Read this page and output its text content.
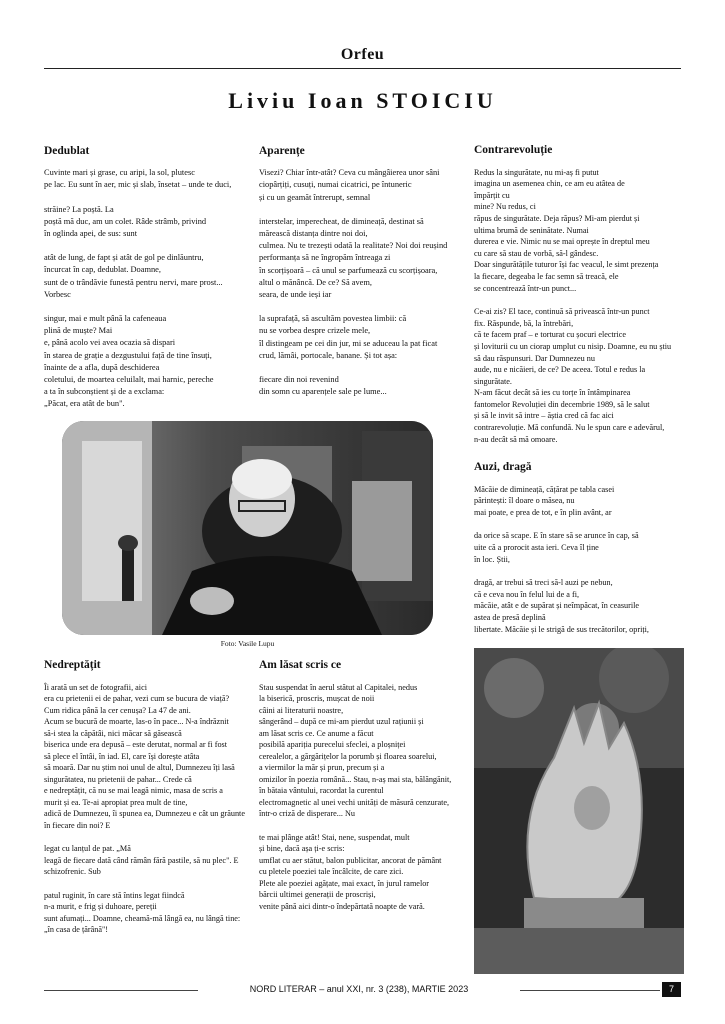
Orfeu
Liviu Ioan STOICIU
Dedublat

Cuvinte mari și grase, cu aripi, la sol, plutesc

pe lac. Eu sunt în aer, mic și slab, însetat – unde te duci,

străine? La poștă. La

poștă mă duc, am un colet. Râde strâmb, privind

în oglinda apei, de sus: sunt

atât de lung, de fapt și atât de gol pe dinlăuntru,

încurcat în cap, dedublat. Doamne,

sunt de o trândăvie funestă pentru nervi, mare prost...

Vorbesc

singur, mai e mult până la cafeneaua

plină de muște? Mai

e, până acolo vei avea ocazia să dispari

în starea de grație a dezgustului față de tine însuți,

înainte de a afla, după deschiderea

coletului, de moartea celuilalt, mai harnic, pereche

a ta în subconștient și de a exclama:

„Păcat, era atât de bun".

Aparențe

Visezi? Chiar într-atât? Ceva cu mângâierea unor sâni

ciopârțiți, cusuți, numai cicatrici, pe întuneric

și cu un geamăt întrerupt, semnal

interstelar, imperecheat, de dimineață, destinat să

mărească distanța dintre noi doi,

culmea. Nu te trezești odată la realitate? Noi doi reușind

performanța să ne îngropăm întreaga zi

în scorțișoară – că unul se parfumează cu scorțișoara,

altul o mănâncă. De ce? Să avem,

seara, de unde ieși iar

la suprafață, să ascultăm povestea limbii: că

nu se vorbea despre crizele mele,

îl distingeam pe cei din jur, mi se aduceau la pat ficat

crud, lămâi, portocale, banane. Și tot așa:

fiecare din noi revenind

din somn cu aparențele sale pe lume...

Contrarevoluție

Redus la singurătate, nu mi-aș fi putut

imagina un asemenea chin, ce am eu atâtea de

împărțit cu

mine? Nu redus, ci

răpus de singurătate. Deja răpus? Mi-am pierdut și

ultima brumă de seninătate. Numai

durerea e vie. Nimic nu se mai oprește în dreptul meu

cu care să stau de vorbă, să-l gândesc.

Doar singurătățile tuturor își fac veacul, le simt prezența

la fiecare, degeaba le fac semn să treacă, ele

se concentrează într-un punct...

Ce-ai zis? El tace, continuă să privească într-un punct

fix. Răspunde, bă, la întrebări,

că te facem praf – e torturat cu șocuri electrice

și loviturii cu un ciorap umplut cu nisip. Doamne, eu nu știu

să dau răspunsuri. Dar Dumnezeu nu

aude, nu e nicăieri, de ce? De aceea. Totul e redus la

singurătate.

N-am făcut decât să ies cu torțe în întâmpinarea

fantomelor Revoluției din decembrie 1989, să le salut

și să le invit să intre – ăștia cred că fac aici

contrarevoluție. Mă confundă. Nu le spun care e adevărul,

n-au decât să mă omoare.

Auzi, dragă

Măcăie de dimineață, cățărat pe tabla casei

părintești: îl doare o măsea, nu

mai poate, e prea de tot, e în plin avânt, ar

da orice să scape. E în stare să se arunce în cap, să

uite că a prorocit asta ieri. Ceva îl ține

în loc. Știi,

dragă, ar trebui să treci să-l auzi pe nebun,

că e ceva nou în felul lui de a fi,

măcăie, atât e de supărat și neîmpăcat, în ceasurile

astea de presă deplină

libertate. Măcăie și le strigă de sus trecătorilor, opriți,

Foto: Vasile Lupu
Nedreptățit

Îi arată un set de fotografii, aici

era cu prietenii ei de pahar, vezi cum se bucura de viață?

Cum ridica până la cer cenușa? La 47 de ani.

Acum se bucură de moarte, las-o în pace... N-a îndrăznit

să-i stea la căpătâi, nici măcar să găsească

biserica unde era depusă – este derutat, normal ar fi fost

să plece el întâi, în iad. El, care își dorește atâta

să moară. Dar nu știm noi unul de altul, Dumnezeu îți lasă

singurătatea, nu prietenii de pahar... Crede că

e nedreptățit, că nu se mai leagă nimic, masa de scris a

murit și ea. Te-ai apropiat prea mult de tine,

adică de Dumnezeu, îi spunea ea, Dumnezeu e cât un grăunte

în fiecare din noi? E

legat cu lanțul de pat. „Mă

leagă de fiecare dată când rămân fără pastile, să nu plec". E

schizofrenic. Sub

patul ruginit, în care stă întins legat fiindcă

n-a murit, e frig și duhoare, pereții

sunt afumați... Doamne, cheamă-mă lângă ea, nu lângă tine:

„în casa de țărână"!

Am lăsat scris ce

Stau suspendat în aerul stătut al Capitalei, nedus

la biserică, proscris, mușcat de noii

câini ai literaturii noastre,

sângerând – după ce mi-am pierdut uzul rațiunii și

am lăsat scris ce. Ce anume a făcut

posibilă apariția purecelui sfeclei, a ploșniței

cerealelor, a gărgărițelor la porumb și floarea soarelui,

a viermilor la măr și prun, precum și a

omizilor în poezia română... Stau, n-aș mai sta, bălăngănit,

în bătaia vântului, racordat la curentul

electromagnetic al unei vechi unități de măsură cenzurate,

într-o criză de disperare... Nu

te mai plânge atât! Stai, nene, suspendat, mult

și bine, dacă așa ți-e scris:

umflat cu aer stătut, balon publicitar, ancorat de pământ

cu pletele poeziei tale încâlcite, de care zici.

Plete ale poeziei agățate, mai exact, în jurul ramelor

bărcii ultimei generații de proscriși,

venite până aici dintr-o îndepărtată noapte de vară.

NORD LITERAR – anul XXI, nr. 3 (238), MARTIE 2023	7
